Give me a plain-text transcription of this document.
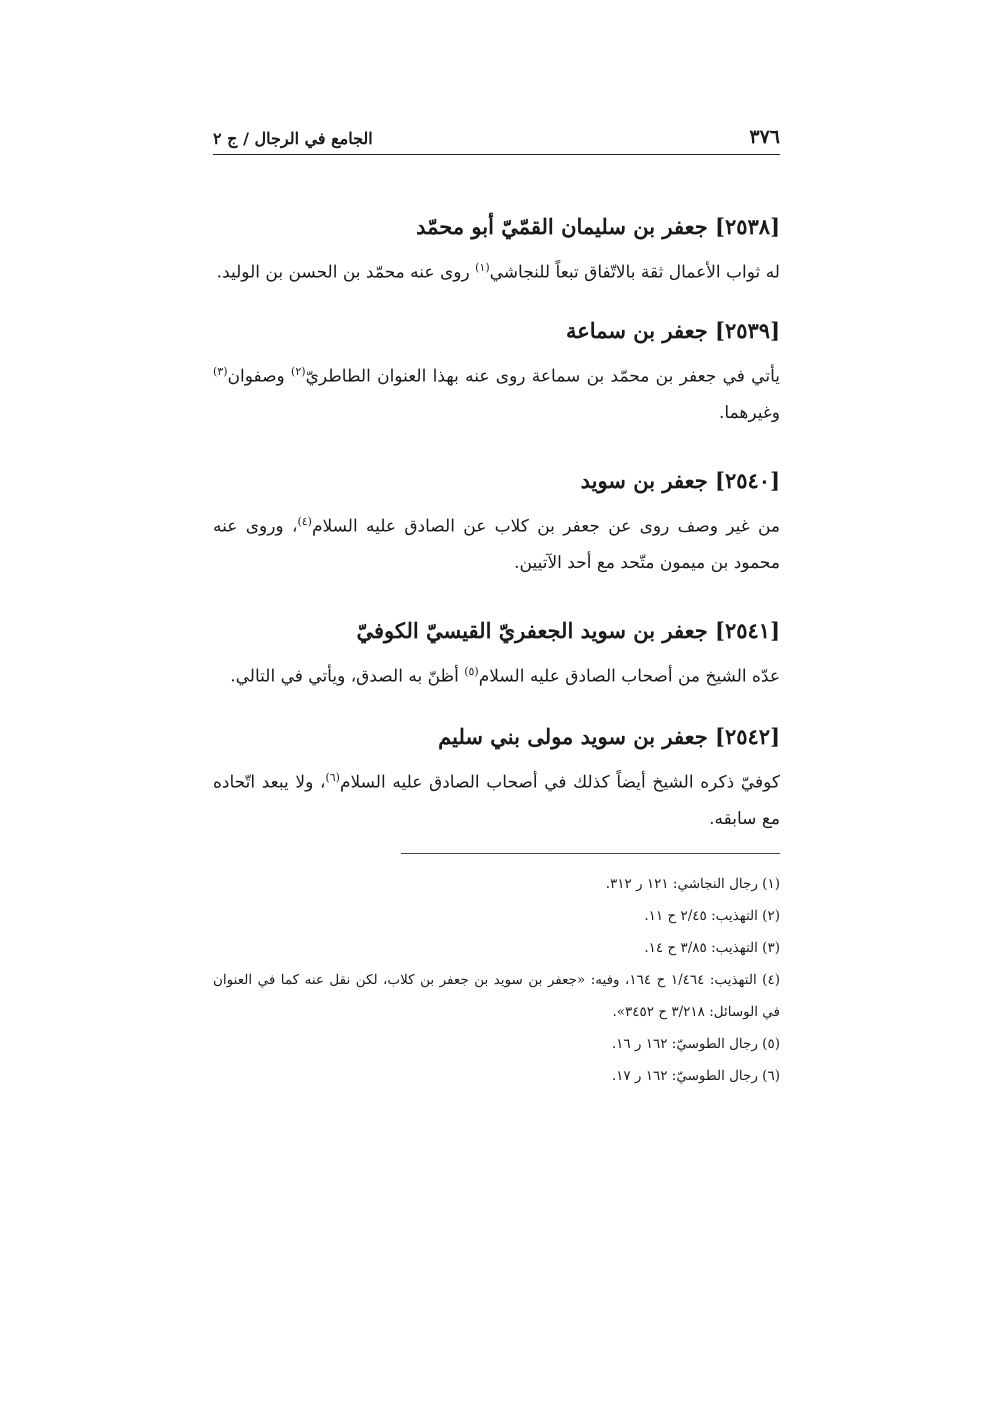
٣٧٦
الجامع في الرجال / ج ٢

[٢٥٣٨] جعفر بن سليمان القمّيّ أبو محمّد

له ثواب الأعمال ثقة بالاتّفاق تبعاً للنجاشي$^{(١)}$ روى عنه محمّد بن الحسن بن الوليد.

[٢٥٣٩] جعفر بن سماعة

يأتي في جعفر بن محمّد بن سماعة روى عنه بهذا العنوان الطاطريّ$^{(٢)}$ وصفوان$^{(٣)}$ وغيرهما.

[٢٥٤٠] جعفر بن سويد

من غير وصف روى عن جعفر بن كلاب عن الصادق عليه السلام$^{(٤)}$، وروى عنه محمود بن ميمون متّحد مع أحد الآتيين.

[٢٥٤١] جعفر بن سويد الجعفريّ القيسيّ الكوفيّ

عدّه الشيخ من أصحاب الصادق عليه السلام$^{(٥)}$ أظنّ به الصدق، ويأتي في التالي.

[٢٥٤٢] جعفر بن سويد مولى بني سليم

كوفيّ ذكره الشيخ أيضاً كذلك في أصحاب الصادق عليه السلام$^{(٦)}$، ولا يبعد اتّحاده مع سابقه.

(١) رجال النجاشي: ١٢١ ر ٣١٢.

(٢) التهذيب: ٢/٤٥ ح ١١.

(٣) التهذيب: ٣/٨٥ ح ١٤.

(٤) التهذيب: ١/٤٦٤ ح ١٦٤، وفيه: «جعفر بن سويد بن جعفر بن كلاب، لكن نقل عنه كما في العنوان في الوسائل: ٣/٢١٨ ح ٣٤٥٢».

(٥) رجال الطوسيّ: ١٦٢ ر ١٦.

(٦) رجال الطوسيّ: ١٦٢ ر ١٧.
